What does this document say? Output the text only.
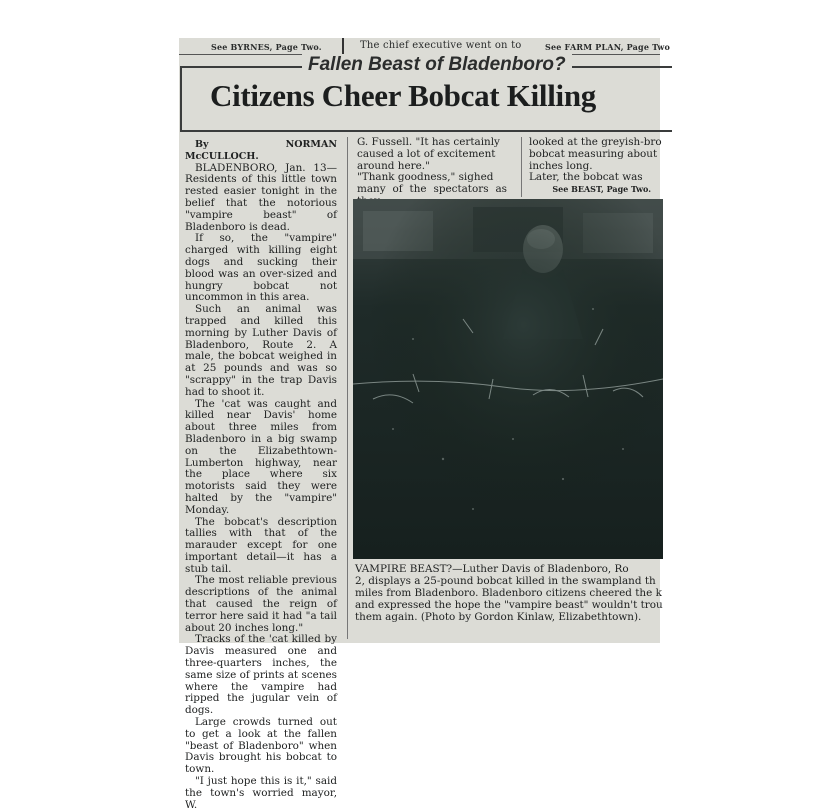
See BYRNES, Page Two.	The chief executive went on to	See FARM PLAN, Page Two
Fallen Beast of Bladenboro?
Citizens Cheer Bobcat Killing
By NORMAN McCULLOCH.

BLADENBORO, Jan. 13—Residents of this little town rested easier tonight in the belief that the notorious "vampire beast" of Bladenboro is dead.

If so, the "vampire" charged with killing eight dogs and sucking their blood was an over-sized and hungry bobcat not uncommon in this area.

Such an animal was trapped and killed this morning by Luther Davis of Bladenboro, Route 2. A male, the bobcat weighed in at 25 pounds and was so "scrappy" in the trap Davis had to shoot it.

The 'cat was caught and killed near Davis' home about three miles from Bladenboro in a big swamp on the Elizabethtown-Lumberton highway, near the place where six motorists said they were halted by the "vampire" Monday.

The bobcat's description tallies with that of the marauder except for one important detail—it has a stub tail.

The most reliable previous descriptions of the animal that caused the reign of terror here said it had "a tail about 20 inches long."

Tracks of the 'cat killed by Davis measured one and three-quarters inches, the same size of prints at scenes where the vampire had ripped the jugular vein of dogs.

Large crowds turned out to get a look at the fallen "beast of Bladenboro" when Davis brought his bobcat to town.

"I just hope this is it," said the town's worried mayor, W.

G. Fussell. "It has certainly
caused a lot of excitement
around here."
"Thank goodness," sighed
many of the spectators as
looked at the greyish-bro
bobcat measuring about
inches long.
Later, the bobcat was
See BEAST, Page Two.
VAMPIRE BEAST?—Luther Davis of Bladenboro, Ro
2, displays a 25-pound bobcat killed in the swampland th
miles from Bladenboro. Bladenboro citizens cheered the k
and expressed the hope the "vampire beast" wouldn't trou
them again. (Photo by Gordon Kinlaw, Elizabethtown).
